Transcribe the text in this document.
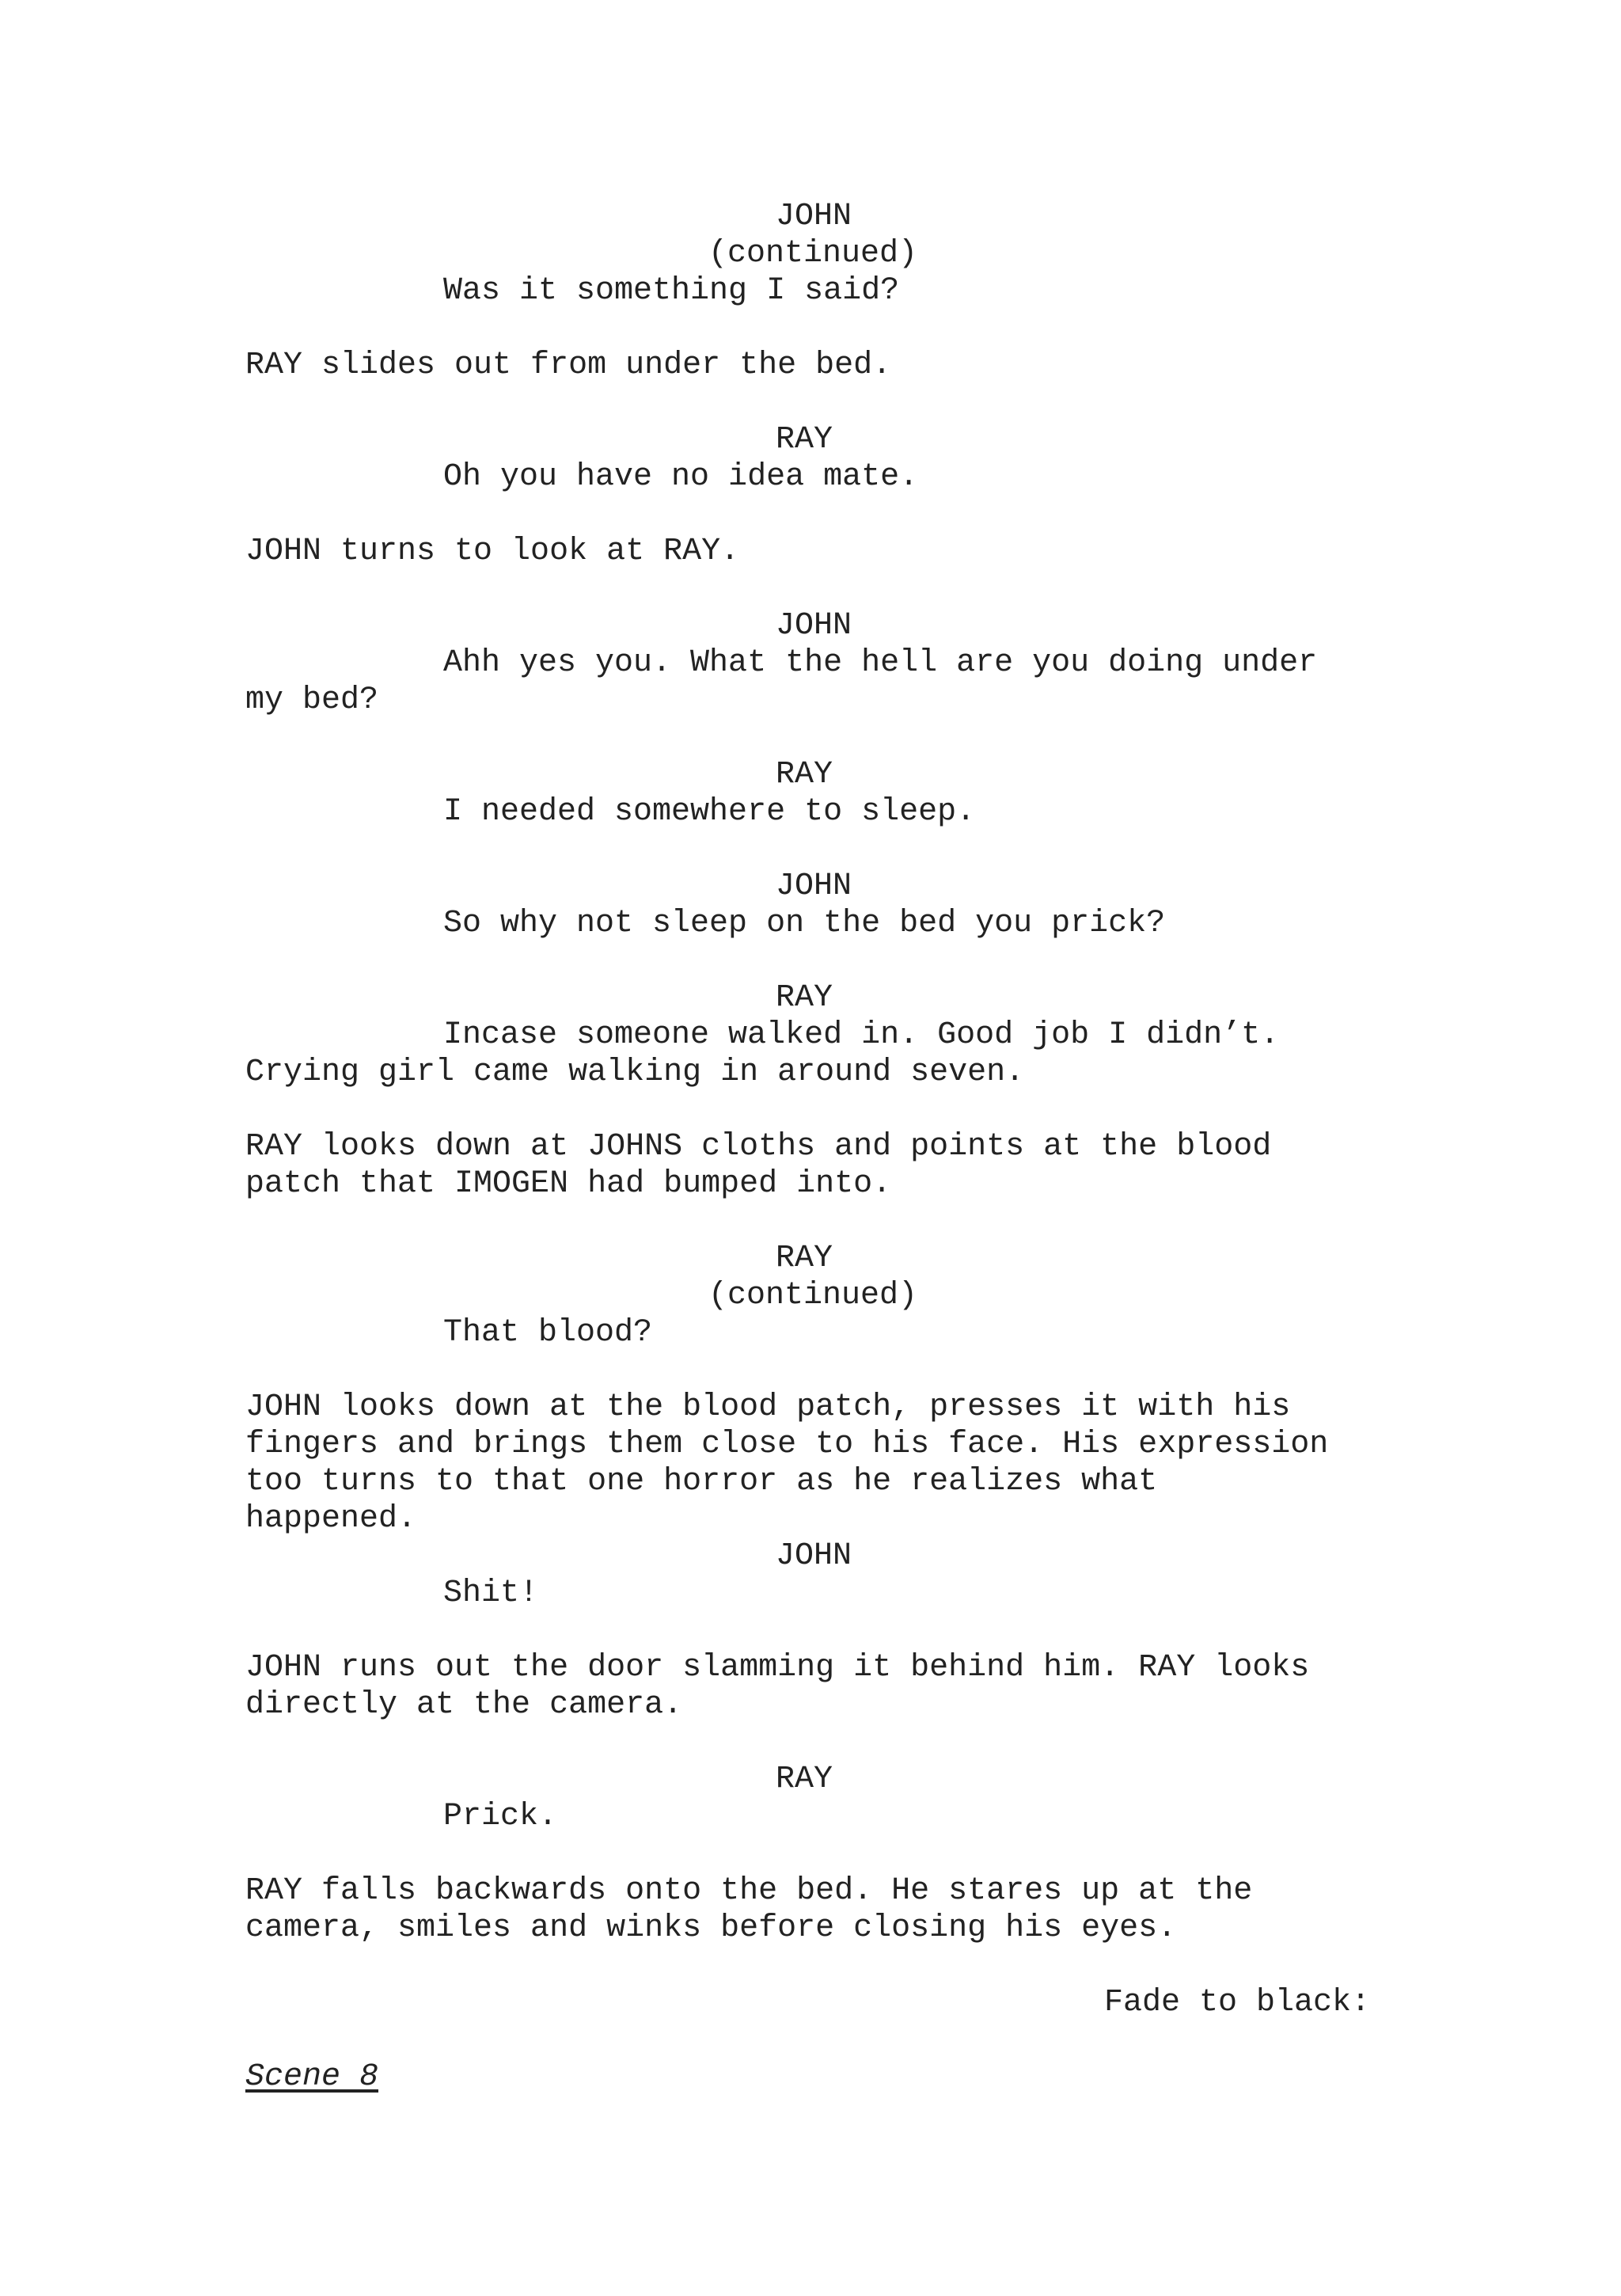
JOHN
(continued)
Was it something I said?
RAY slides out from under the bed.
RAY
Oh you have no idea mate.
JOHN turns to look at RAY.
JOHN
Ahh yes you. What the hell are you doing under
my bed?
RAY
I needed somewhere to sleep.
JOHN
So why not sleep on the bed you prick?
RAY
Incase someone walked in. Good job I didn’t.
Crying girl came walking in around seven.
RAY looks down at JOHNS cloths and points at the blood
patch that IMOGEN had bumped into.
RAY
(continued)
That blood?
JOHN looks down at the blood patch, presses it with his
fingers and brings them close to his face. His expression
too turns to that one horror as he realizes what
happened.
JOHN
Shit!
JOHN runs out the door slamming it behind him. RAY looks
directly at the camera.
RAY
Prick.
RAY falls backwards onto the bed. He stares up at the
camera, smiles and winks before closing his eyes.
Fade to black:
Scene 8
